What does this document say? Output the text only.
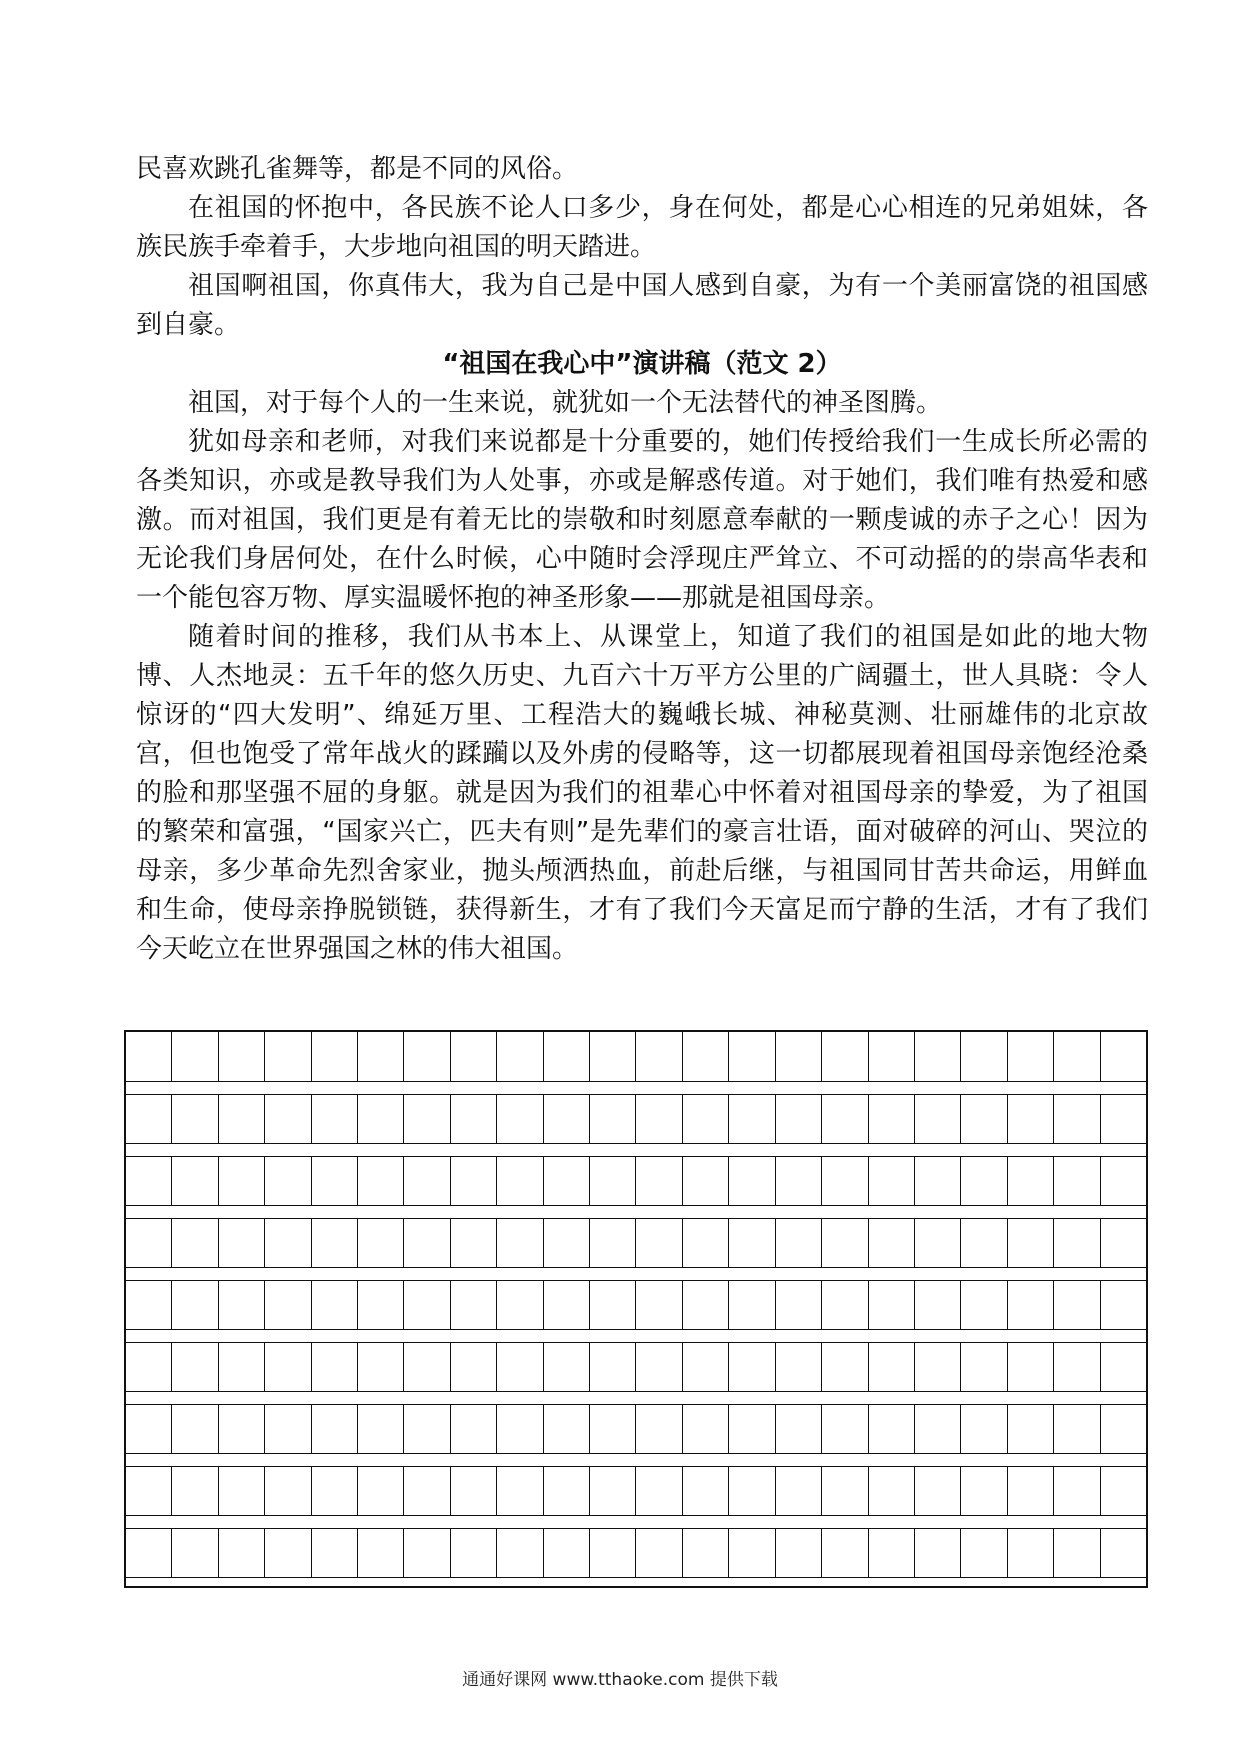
民喜欢跳孔雀舞等，都是不同的风俗。

在祖国的怀抱中，各民族不论人口多少，身在何处，都是心心相连的兄弟姐妹，各族民族手牵着手，大步地向祖国的明天踏进。

祖国啊祖国，你真伟大，我为自己是中国人感到自豪，为有一个美丽富饶的祖国感到自豪。

“祖国在我心中”演讲稿（范文 2）

祖国，对于每个人的一生来说，就犹如一个无法替代的神圣图腾。

犹如母亲和老师，对我们来说都是十分重要的，她们传授给我们一生成长所必需的各类知识，亦或是教导我们为人处事，亦或是解惑传道。对于她们，我们唯有热爱和感激。而对祖国，我们更是有着无比的崇敬和时刻愿意奉献的一颗虔诚的赤子之心！因为无论我们身居何处，在什么时候，心中随时会浮现庄严耸立、不可动摇的的崇高华表和一个能包容万物、厚实温暖怀抱的神圣形象——那就是祖国母亲。

随着时间的推移，我们从书本上、从课堂上，知道了我们的祖国是如此的地大物博、人杰地灵：五千年的悠久历史、九百六十万平方公里的广阔疆土，世人具晓：令人惊讶的“四大发明”、绵延万里、工程浩大的巍峨长城、神秘莫测、壮丽雄伟的北京故宫，但也饱受了常年战火的蹂躏以及外虏的侵略等，这一切都展现着祖国母亲饱经沧桑的脸和那坚强不屈的身躯。就是因为我们的祖辈心中怀着对祖国母亲的挚爱，为了祖国的繁荣和富强，“国家兴亡，匹夫有则”是先辈们的豪言壮语，面对破碎的河山、哭泣的母亲，多少革命先烈舍家业，抛头颅洒热血，前赴后继，与祖国同甘苦共命运，用鲜血和生命，使母亲挣脱锁链，获得新生，才有了我们今天富足而宁静的生活，才有了我们今天屹立在世界强国之林的伟大祖国。

通通好课网 www.tthaoke.com 提供下载
